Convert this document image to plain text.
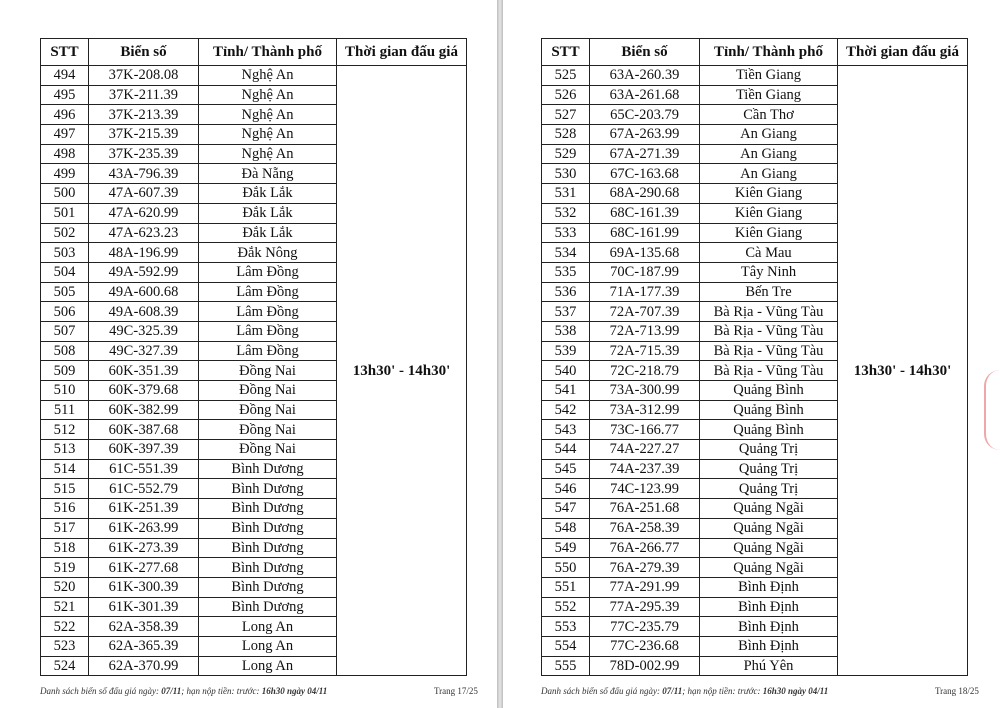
STT	Biển số	Tỉnh/ Thành phố	Thời gian đấu giá
494	37K-208.08	Nghệ An	13h30' - 14h30'
495	37K-211.39	Nghệ An	
496	37K-213.39	Nghệ An	
497	37K-215.39	Nghệ An	
498	37K-235.39	Nghệ An	
499	43A-796.39	Đà Nẵng	
500	47A-607.39	Đắk Lắk	
501	47A-620.99	Đắk Lắk	
502	47A-623.23	Đắk Lắk	
503	48A-196.99	Đắk Nông	
504	49A-592.99	Lâm Đồng	
505	49A-600.68	Lâm Đồng	
506	49A-608.39	Lâm Đồng	
507	49C-325.39	Lâm Đồng	
508	49C-327.39	Lâm Đồng	
509	60K-351.39	Đồng Nai	
510	60K-379.68	Đồng Nai	
511	60K-382.99	Đồng Nai	
512	60K-387.68	Đồng Nai	
513	60K-397.39	Đồng Nai	
514	61C-551.39	Bình Dương	
515	61C-552.79	Bình Dương	
516	61K-251.39	Bình Dương	
517	61K-263.99	Bình Dương	
518	61K-273.39	Bình Dương	
519	61K-277.68	Bình Dương	
520	61K-300.39	Bình Dương	
521	61K-301.39	Bình Dương	
522	62A-358.39	Long An	
523	62A-365.39	Long An	
524	62A-370.99	Long An	
Danh sách biển số đấu giá ngày: 07/11; hạn nộp tiền: trước: 16h30 ngày 04/11	Trang 17/25
STT	Biển số	Tỉnh/ Thành phố	Thời gian đấu giá
525	63A-260.39	Tiền Giang	13h30' - 14h30'
526	63A-261.68	Tiền Giang	
527	65C-203.79	Cần Thơ	
528	67A-263.99	An Giang	
529	67A-271.39	An Giang	
530	67C-163.68	An Giang	
531	68A-290.68	Kiên Giang	
532	68C-161.39	Kiên Giang	
533	68C-161.99	Kiên Giang	
534	69A-135.68	Cà Mau	
535	70C-187.99	Tây Ninh	
536	71A-177.39	Bến Tre	
537	72A-707.39	Bà Rịa - Vũng Tàu	
538	72A-713.99	Bà Rịa - Vũng Tàu	
539	72A-715.39	Bà Rịa - Vũng Tàu	
540	72C-218.79	Bà Rịa - Vũng Tàu	
541	73A-300.99	Quảng Bình	
542	73A-312.99	Quảng Bình	
543	73C-166.77	Quảng Bình	
544	74A-227.27	Quảng Trị	
545	74A-237.39	Quảng Trị	
546	74C-123.99	Quảng Trị	
547	76A-251.68	Quảng Ngãi	
548	76A-258.39	Quảng Ngãi	
549	76A-266.77	Quảng Ngãi	
550	76A-279.39	Quảng Ngãi	
551	77A-291.99	Bình Định	
552	77A-295.39	Bình Định	
553	77C-235.79	Bình Định	
554	77C-236.68	Bình Định	
555	78D-002.99	Phú Yên	
Danh sách biển số đấu giá ngày: 07/11; hạn nộp tiền: trước: 16h30 ngày 04/11	Trang 18/25
